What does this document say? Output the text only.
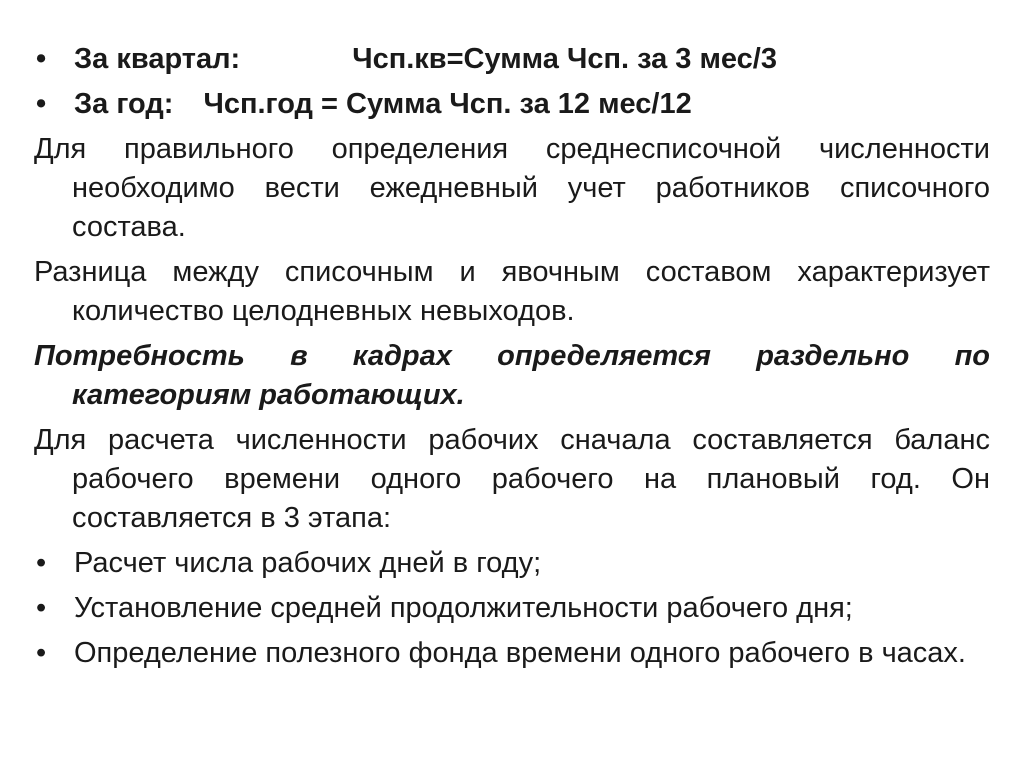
• За квартал:	Чсп.кв=Сумма Чсп. за 3 мес/3
• За год: Чсп.год = Сумма Чсп. за 12 мес/12
Для правильного определения среднесписочной численности необходимо вести ежедневный учет работников списочного состава.
Разница между списочным и явочным составом характеризует количество целодневных невыходов.
Потребность в кадрах определяется раздельно по категориям работающих.
Для расчета численности рабочих сначала составляется баланс рабочего времени одного рабочего на плановый год. Он составляется в 3 этапа:
• Расчет числа рабочих дней в году;
• Установление средней продолжительности рабочего дня;
• Определение полезного фонда времени одного рабочего в часах.
